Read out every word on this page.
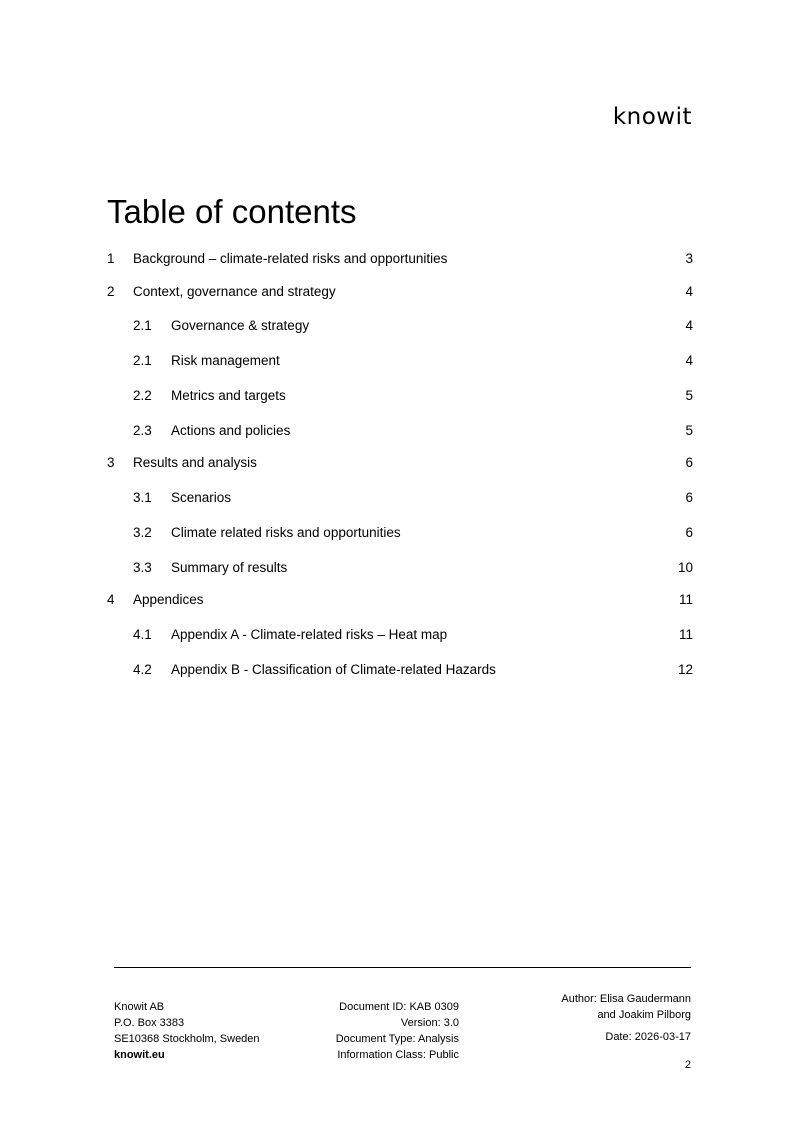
knowit
Table of contents
1 Background – climate-related risks and opportunities	3
2 Context, governance and strategy	4
2.1 Governance & strategy	4
2.1 Risk management	4
2.2 Metrics and targets	5
2.3 Actions and policies	5
3 Results and analysis	6
3.1 Scenarios	6
3.2 Climate related risks and opportunities	6
3.3 Summary of results	10
4 Appendices	11
4.1 Appendix A - Climate-related risks – Heat map	11
4.2 Appendix B - Classification of Climate-related Hazards	12
Knowit AB
P.O. Box 3383
SE10368 Stockholm, Sweden
knowit.eu
Document ID: KAB 0309
Version: 3.0
Document Type: Analysis
Information Class: Public
Author: Elisa Gaudermann
and Joakim Pilborg
Date: 2026-03-17
2
